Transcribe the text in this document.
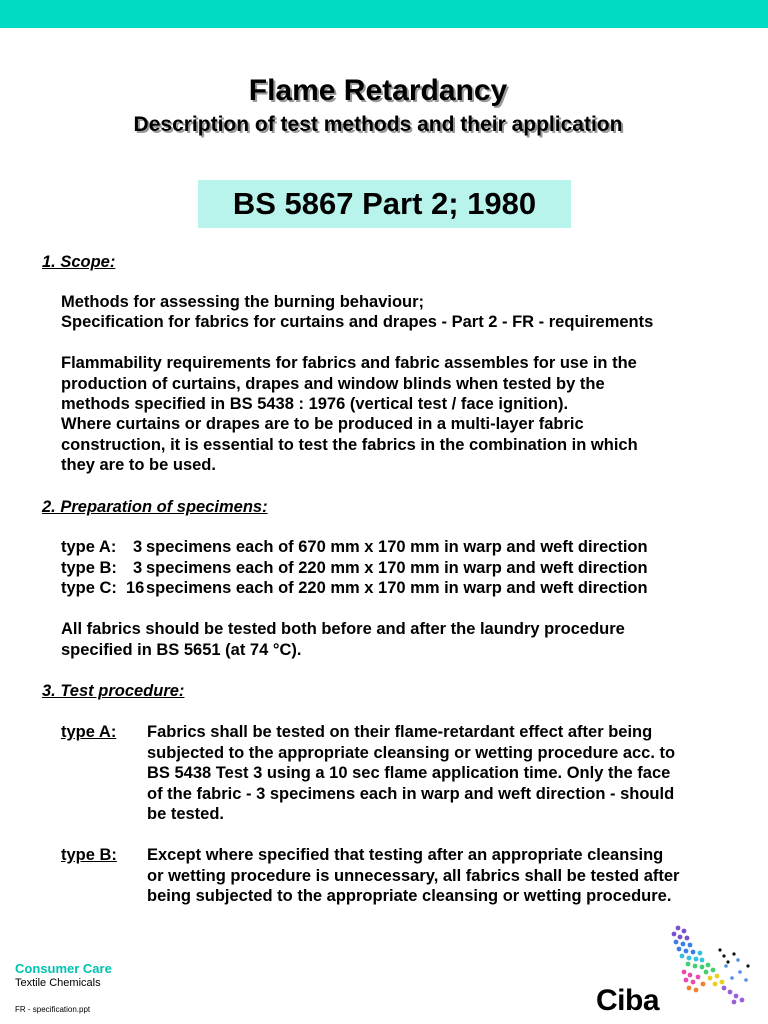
Flame Retardancy
Description of test methods and their application
BS 5867 Part 2; 1980
1. Scope:
Methods for assessing the burning behaviour;
Specification for fabrics for curtains and drapes - Part 2 - FR - requirements
Flammability requirements for fabrics and fabric assembles for use in the
production of curtains, drapes and window blinds when tested by the
methods specified in BS 5438 : 1976 (vertical test / face ignition).
Where curtains or drapes are to be produced in a multi-layer fabric
construction, it is essential to test the fabrics in the combination in which
they are to be used.
2. Preparation of specimens:
type A: 3 specimens each of 670 mm x 170 mm in warp and weft direction
type B: 3 specimens each of 220 mm x 170 mm in warp and weft direction
type C: 16 specimens each of 220 mm x 170 mm in warp and weft direction
All fabrics should be tested both before and after the laundry procedure
specified in BS 5651 (at 74 °C).
3. Test procedure:
type A: Fabrics shall be tested on their flame-retardant effect after being
subjected to the appropriate cleansing or wetting procedure acc. to
BS 5438 Test 3 using a 10 sec flame application time. Only the face
of the fabric - 3 specimens each in warp and weft direction - should
be tested.
type B: Except where specified that testing after an appropriate cleansing
or wetting procedure is unnecessary, all fabrics shall be tested after
being subjected to the appropriate cleansing or wetting procedure.
Consumer Care
Textile Chemicals
FR - specification.ppt	Ciba
